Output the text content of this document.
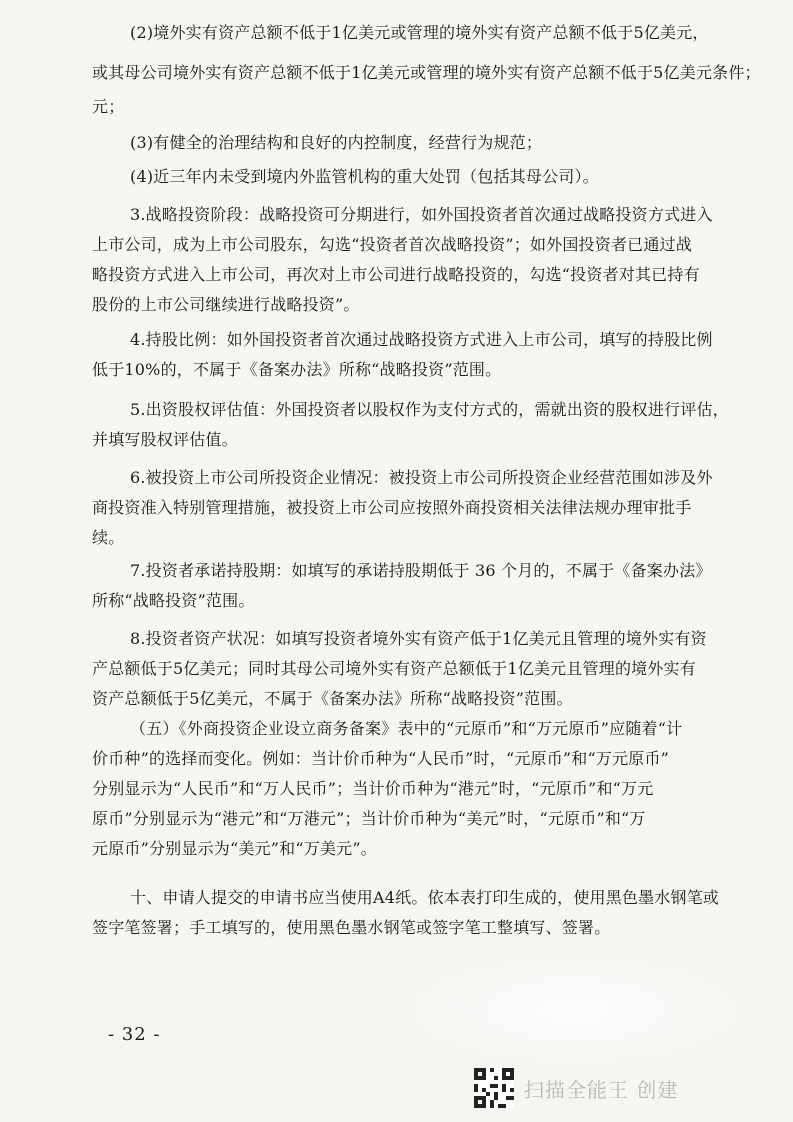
(2)境外实有资产总额不低于1亿美元或管理的境外实有资产总额不低于5亿美元，
或其母公司境外实有资产总额不低于1亿美元或管理的境外实有资产总额不低于5亿美元条件；
元；
(3)有健全的治理结构和良好的内控制度，经营行为规范；
(4)近三年内未受到境内外监管机构的重大处罚（包括其母公司）。
3.战略投资阶段：战略投资可分期进行，如外国投资者首次通过战略投资方式进入
上市公司，成为上市公司股东，勾选“投资者首次战略投资”；如外国投资者已通过战
略投资方式进入上市公司，再次对上市公司进行战略投资的，勾选“投资者对其已持有
股份的上市公司继续进行战略投资”。
4.持股比例：如外国投资者首次通过战略投资方式进入上市公司，填写的持股比例
低于10%的，不属于《备案办法》所称“战略投资”范围。
5.出资股权评估值：外国投资者以股权作为支付方式的，需就出资的股权进行评估，
并填写股权评估值。
6.被投资上市公司所投资企业情况：被投资上市公司所投资企业经营范围如涉及外
商投资准入特别管理措施，被投资上市公司应按照外商投资相关法律法规办理审批手
续。
7.投资者承诺持股期：如填写的承诺持股期低于 36 个月的，不属于《备案办法》
所称“战略投资”范围。
8.投资者资产状况：如填写投资者境外实有资产低于1亿美元且管理的境外实有资
产总额低于5亿美元；同时其母公司境外实有资产总额低于1亿美元且管理的境外实有
资产总额低于5亿美元，不属于《备案办法》所称“战略投资”范围。
（五）《外商投资企业设立商务备案》表中的“元原币”和“万元原币”应随着“计
价币种”的选择而变化。例如：当计价币种为“人民币”时，“元原币”和“万元原币”
分别显示为“人民币”和“万人民币”；当计价币种为“港元”时，“元原币”和“万元
原币”分别显示为“港元”和“万港元”；当计价币种为“美元”时，“元原币”和“万
元原币”分别显示为“美元”和“万美元”。
十、申请人提交的申请书应当使用A4纸。依本表打印生成的，使用黑色墨水钢笔或
签字笔签署；手工填写的，使用黑色墨水钢笔或签字笔工整填写、签署。
- 32 -
扫描全能王 创建
